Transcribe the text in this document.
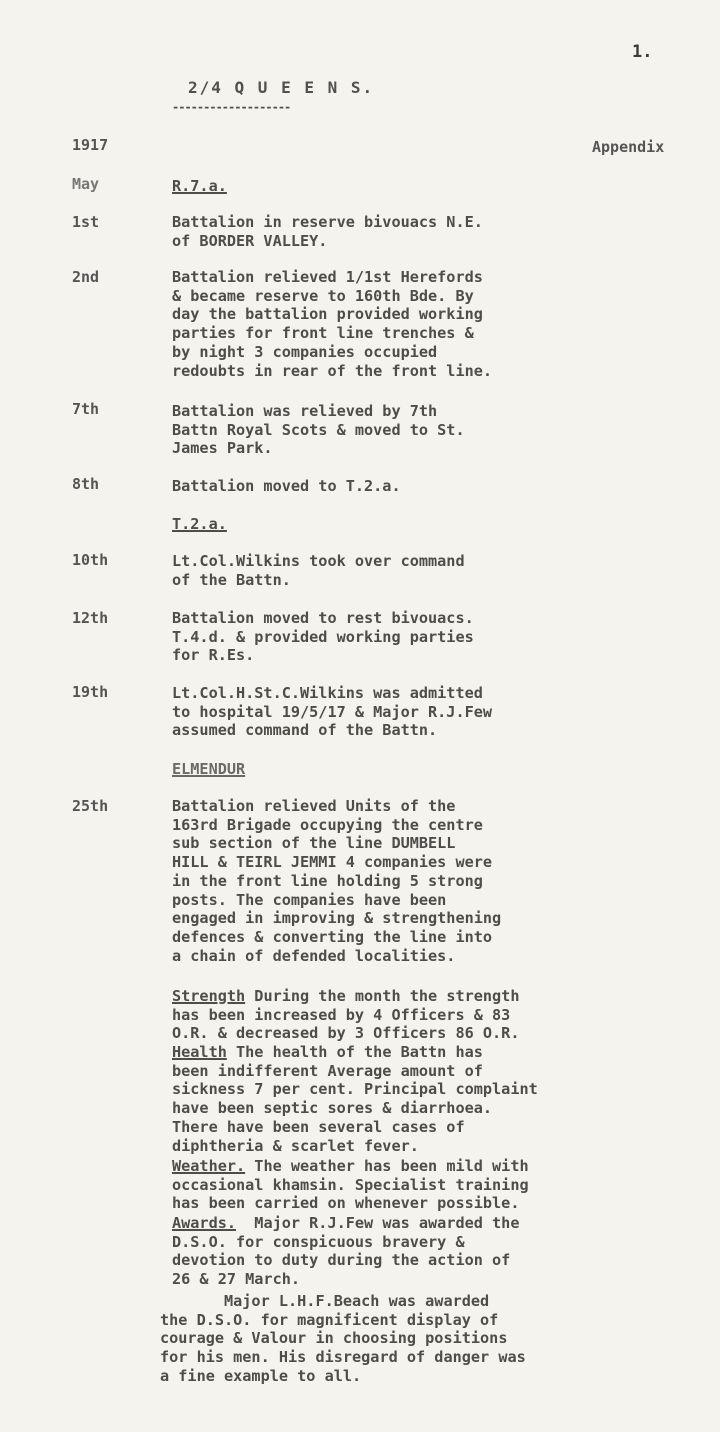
1.
2/4 Q U E E N S.
-------------------
1917	Appendix
May	R.7.a.
1st	Battalion in reserve bivouacs N.E.
of BORDER VALLEY.
2nd	Battalion relieved 1/1st Herefords
& became reserve to 160th Bde. By
day the battalion provided working
parties for front line trenches &
by night 3 companies occupied
redoubts in rear of the front line.
7th	Battalion was relieved by 7th
Battn Royal Scots & moved to St.
James Park.
8th	Battalion moved to T.2.a.
T.2.a.
10th	Lt.Col.Wilkins took over command
of the Battn.
12th	Battalion moved to rest bivouacs.
T.4.d. & provided working parties
for R.Es.
19th	Lt.Col.H.St.C.Wilkins was admitted
to hospital 19/5/17 & Major R.J.Few
assumed command of the Battn.
ELMENDUR
25th	Battalion relieved Units of the
163rd Brigade occupying the centre
sub section of the line DUMBELL
HILL & TEIRL JEMMI 4 companies were
in the front line holding 5 strong
posts. The companies have been
engaged in improving & strengthening
defences & converting the line into
a chain of defended localities.
Strength During the month the strength
has been increased by 4 Officers & 83
O.R. & decreased by 3 Officers 86 O.R.
Health The health of the Battn has
been indifferent Average amount of
sickness 7 per cent. Principal complaint
have been septic sores & diarrhoea.
There have been several cases of
diphtheria & scarlet fever.
Weather. The weather has been mild with
occasional khamsin. Specialist training
has been carried on whenever possible.
Awards.  Major R.J.Few was awarded the
D.S.O. for conspicuous bravery &
devotion to duty during the action of
26 & 27 March.
Major L.H.F.Beach was awarded
the D.S.O. for magnificent display of
courage & Valour in choosing positions
for his men. His disregard of danger was
a fine example to all.
